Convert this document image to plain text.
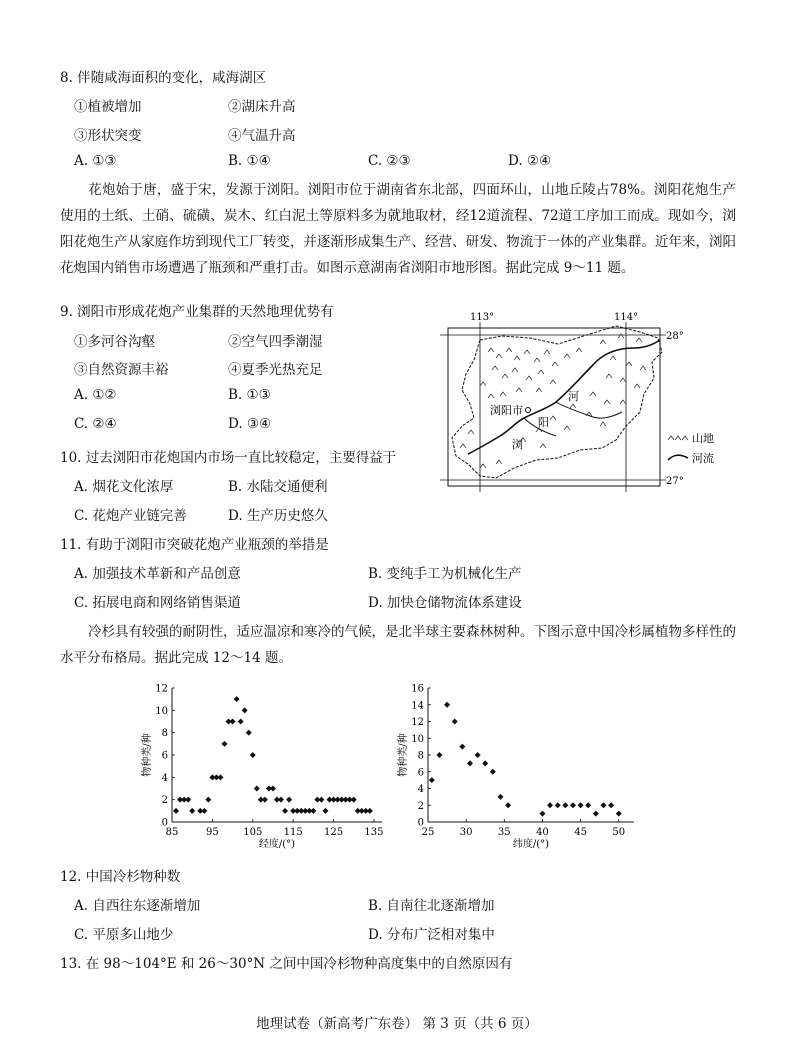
8. 伴随咸海面积的变化，咸海湖区
①植被增加	②湖床升高
③形状突变	④气温升高
A. ①③	B. ①④	C. ②③	D. ②④
花炮始于唐，盛于宋，发源于浏阳。浏阳市位于湖南省东北部，四面环山，山地丘陵占78%。浏阳花炮生产使用的土纸、土硝、硫磺、炭木、红白泥土等原料多为就地取材，经12道流程、72道工序加工而成。现如今，浏阳花炮生产从家庭作坊到现代工厂转变，并逐渐形成集生产、经营、研发、物流于一体的产业集群。近年来，浏阳花炮国内销售市场遭遇了瓶颈和严重打击。如图示意湖南省浏阳市地形图。据此完成 9～11 题。
9. 浏阳市形成花炮产业集群的天然地理优势有
①多河谷沟壑	②空气四季潮湿
③自然资源丰裕	④夏季光热充足
A. ①②	B. ①③
C. ②④	D. ③④
10. 过去浏阳市花炮国内市场一直比较稳定，主要得益于
A. 烟花文化浓厚	B. 水陆交通便利
C. 花炮产业链完善	D. 生产历史悠久
113°	114°
28°
27°
浏阳市
浏
阳
河
山地
河流
11. 有助于浏阳市突破花炮产业瓶颈的举措是
A. 加强技术革新和产品创意	B. 变纯手工为机械化生产
C. 拓展电商和网络销售渠道	D. 加快仓储物流体系建设
冷杉具有较强的耐阴性，适应温凉和寒冷的气候，是北半球主要森林树种。下图示意中国冷杉属植物多样性的水平分布格局。据此完成 12～14 题。
0
2
4
6
8
10
12
85	95 105 115 125 135
经度/(°)
物种类/种
0
2
4
6
8
10
12
14
16
25	30	35	40	45	50
纬度/(°)
物种类/种
12. 中国冷杉物种数
A. 自西往东逐渐增加	B. 自南往北逐渐增加
C. 平原多山地少	D. 分布广泛相对集中
13. 在 98～104°E 和 26～30°N 之间中国冷杉物种高度集中的自然原因有
地理试卷（新高考广东卷） 第 3 页（共 6 页）
